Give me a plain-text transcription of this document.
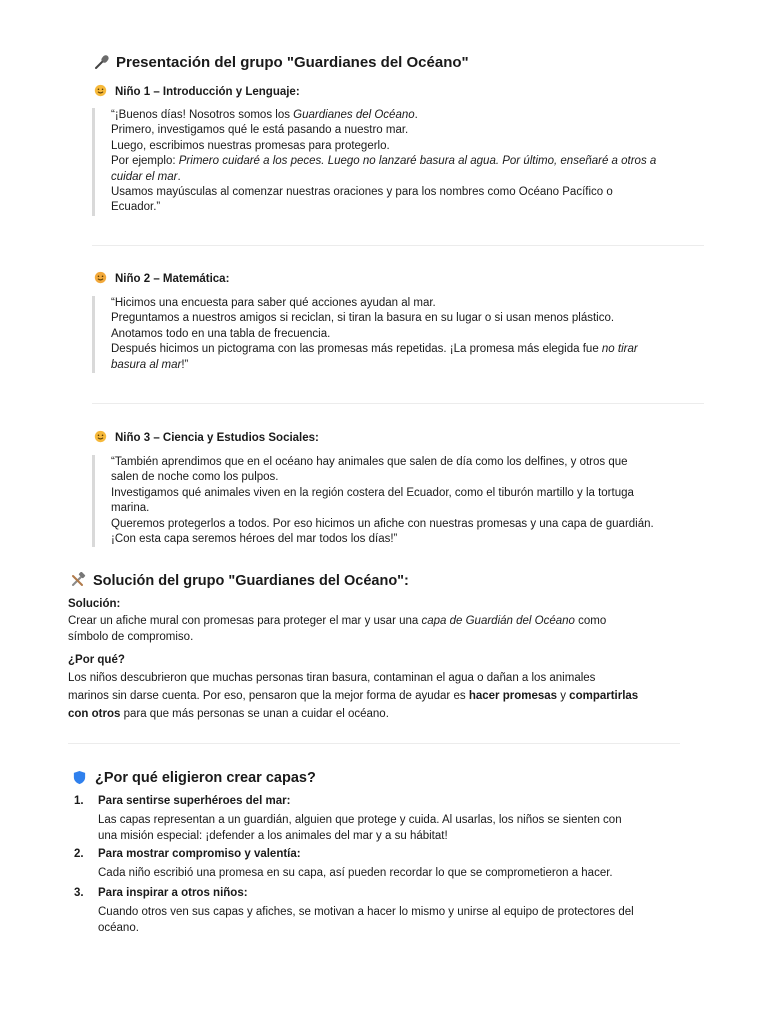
Presentación del grupo "Guardianes del Océano"
Niño 1 – Introducción y Lenguaje:
“¡Buenos días! Nosotros somos los Guardianes del Océano.
Primero, investigamos qué le está pasando a nuestro mar.
Luego, escribimos nuestras promesas para protegerlo.
Por ejemplo: Primero cuidaré a los peces. Luego no lanzaré basura al agua. Por último, enseñaré a otros a
cuidar el mar.
Usamos mayúsculas al comenzar nuestras oraciones y para los nombres como Océano Pacífico o
Ecuador.”
Niño 2 – Matemática:
“Hicimos una encuesta para saber qué acciones ayudan al mar.
Preguntamos a nuestros amigos si reciclan, si tiran la basura en su lugar o si usan menos plástico.
Anotamos todo en una tabla de frecuencia.
Después hicimos un pictograma con las promesas más repetidas. ¡La promesa más elegida fue no tirar
basura al mar!”
Niño 3 – Ciencia y Estudios Sociales:
“También aprendimos que en el océano hay animales que salen de día como los delfines, y otros que
salen de noche como los pulpos.
Investigamos qué animales viven en la región costera del Ecuador, como el tiburón martillo y la tortuga
marina.
Queremos protegerlos a todos. Por eso hicimos un afiche con nuestras promesas y una capa de guardián.
¡Con esta capa seremos héroes del mar todos los días!”
Solución del grupo "Guardianes del Océano":
Solución:
Crear un afiche mural con promesas para proteger el mar y usar una capa de Guardián del Océano como
símbolo de compromiso.
¿Por qué?
Los niños descubrieron que muchas personas tiran basura, contaminan el agua o dañan a los animales
marinos sin darse cuenta. Por eso, pensaron que la mejor forma de ayudar es hacer promesas y compartirlas
con otros para que más personas se unan a cuidar el océano.
¿Por qué eligieron crear capas?
1. Para sentirse superhéroes del mar:
Las capas representan a un guardián, alguien que protege y cuida. Al usarlas, los niños se sienten con
una misión especial: ¡defender a los animales del mar y a su hábitat!
2. Para mostrar compromiso y valentía:
Cada niño escribió una promesa en su capa, así pueden recordar lo que se comprometieron a hacer.
3. Para inspirar a otros niños:
Cuando otros ven sus capas y afiches, se motivan a hacer lo mismo y unirse al equipo de protectores del
océano.
